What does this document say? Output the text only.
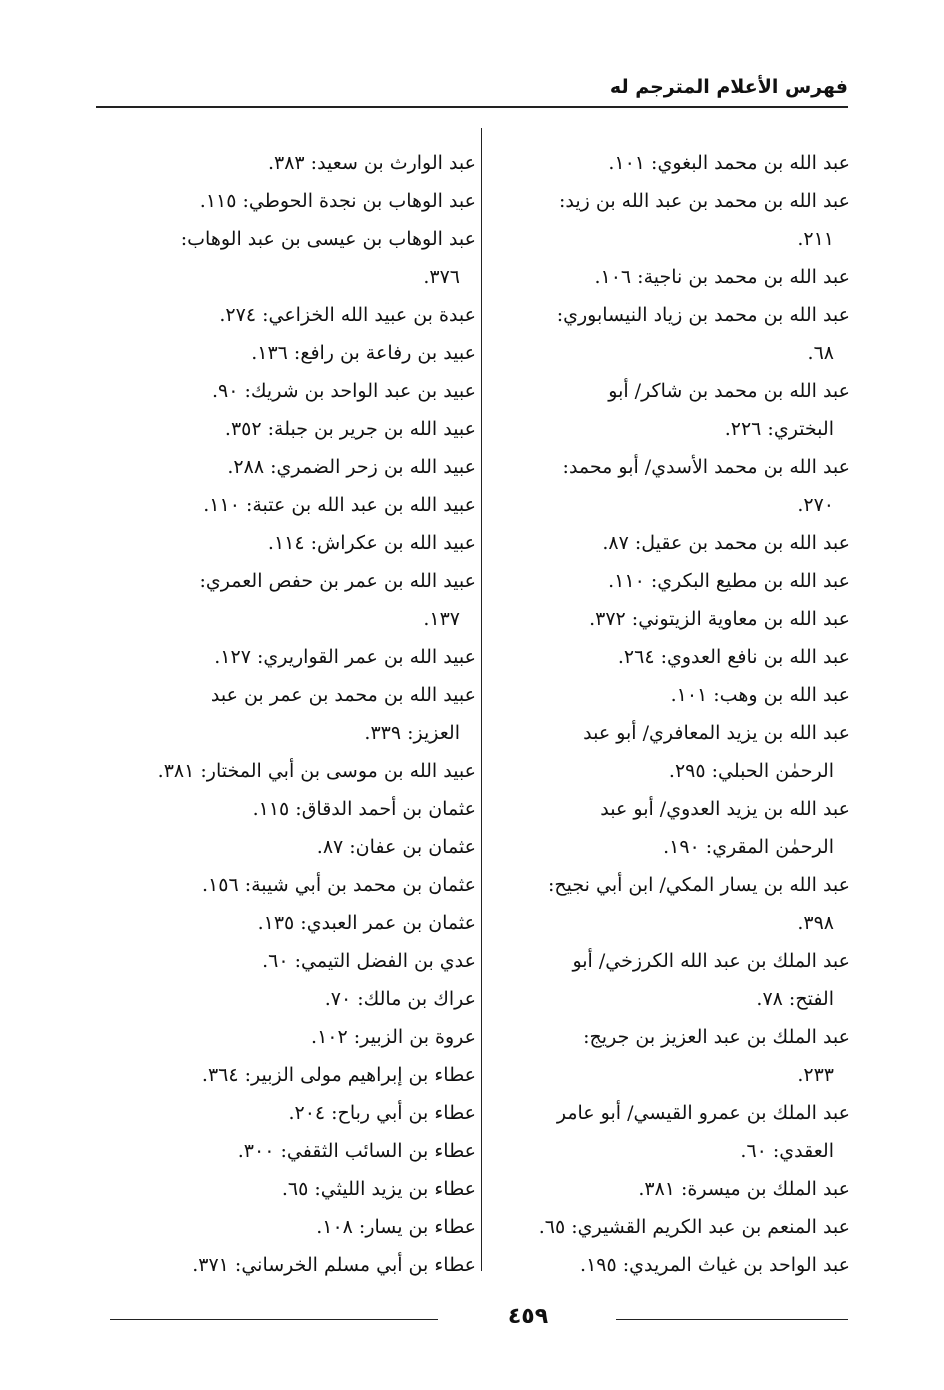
فهرس الأعلام المترجم له
عبد الله بن محمد البغوي: ١٠١.
عبد الله بن محمد بن عبد الله بن زيد:
٢١١.
عبد الله بن محمد بن ناجية: ١٠٦.
عبد الله بن محمد بن زياد النيسابوري:
٦٨.
عبد الله بن محمد بن شاكر/ أبو
البختري: ٢٢٦.
عبد الله بن محمد الأسدي/ أبو محمد:
٢٧٠.
عبد الله بن محمد بن عقيل: ٨٧.
عبد الله بن مطيع البكري: ١١٠.
عبد الله بن معاوية الزيتوني: ٣٧٢.
عبد الله بن نافع العدوي: ٢٦٤.
عبد الله بن وهب: ١٠١.
عبد الله بن يزيد المعافري/ أبو عبد
الرحمٰن الحبلي: ٢٩٥.
عبد الله بن يزيد العدوي/ أبو عبد
الرحمٰن المقري: ١٩٠.
عبد الله بن يسار المكي/ ابن أبي نجيح:
٣٩٨.
عبد الملك بن عبد الله الكرزخي/ أبو
الفتح: ٧٨.
عبد الملك بن عبد العزيز بن جريج:
٢٣٣.
عبد الملك بن عمرو القيسي/ أبو عامر
العقدي: ٦٠.
عبد الملك بن ميسرة: ٣٨١.
عبد المنعم بن عبد الكريم القشيري: ٦٥.
عبد الواحد بن غياث المريدي: ١٩٥.
عبد الوارث بن سعيد: ٣٨٣.
عبد الوهاب بن نجدة الحوطي: ١١٥.
عبد الوهاب بن عيسى بن عبد الوهاب:
٣٧٦.
عبدة بن عبيد الله الخزاعي: ٢٧٤.
عبيد بن رفاعة بن رافع: ١٣٦.
عبيد بن عبد الواحد بن شريك: ٩٠.
عبيد الله بن جرير بن جبلة: ٣٥٢.
عبيد الله بن زحر الضمري: ٢٨٨.
عبيد الله بن عبد الله بن عتبة: ١١٠.
عبيد الله بن عكراش: ١١٤.
عبيد الله بن عمر بن حفص العمري:
١٣٧.
عبيد الله بن عمر القواريري: ١٢٧.
عبيد الله بن محمد بن عمر بن عبد
العزيز: ٣٣٩.
عبيد الله بن موسى بن أبي المختار: ٣٨١.
عثمان بن أحمد الدقاق: ١١٥.
عثمان بن عفان: ٨٧.
عثمان بن محمد بن أبي شيبة: ١٥٦.
عثمان بن عمر العبدي: ١٣٥.
عدي بن الفضل التيمي: ٦٠.
عراك بن مالك: ٧٠.
عروة بن الزبير: ١٠٢.
عطاء بن إبراهيم مولى الزبير: ٣٦٤.
عطاء بن أبي رباح: ٢٠٤.
عطاء بن السائب الثقفي: ٣٠٠.
عطاء بن يزيد الليثي: ٦٥.
عطاء بن يسار: ١٠٨.
عطاء بن أبي مسلم الخرساني: ٣٧١.
٤٥٩
